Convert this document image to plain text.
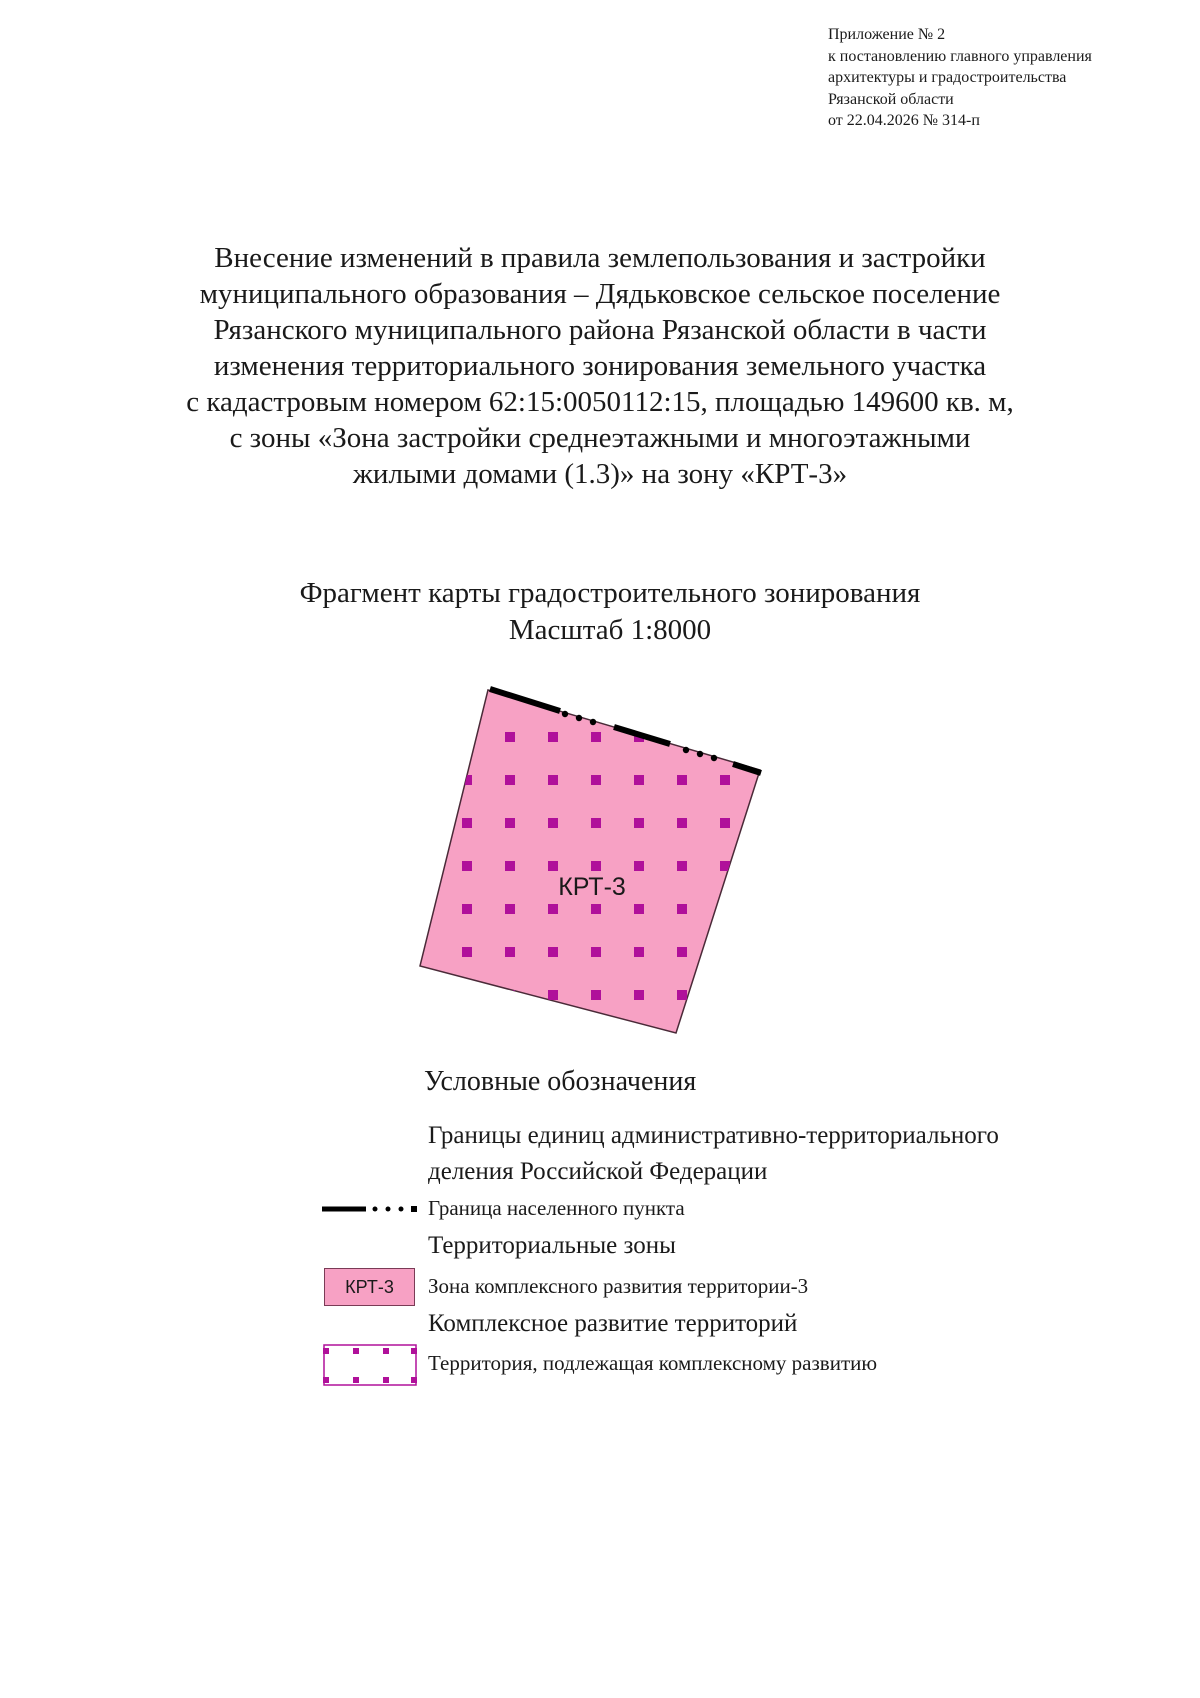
Приложение № 2
к постановлению главного управления
архитектуры и градостроительства
Рязанской области
от 22.04.2026 № 314-п
Внесение изменений в правила землепользования и застройки
муниципального образования – Дядьковское сельское поселение
Рязанского муниципального района Рязанской области в части
изменения территориального зонирования земельного участка
с кадастровым номером 62:15:0050112:15, площадью 149600 кв. м,
с зоны «Зона застройки среднеэтажными и многоэтажными
жилыми домами (1.3)» на зону «КРТ-3»
Фрагмент карты градостроительного зонирования
Масштаб 1:8000
КРТ-3
Условные обозначения
Границы единиц административно-территориального
деления Российской Федерации
Граница населенного пункта
Территориальные зоны
КРТ-3	Зона комплексного развития территории-3
Комплексное развитие территорий
Территория, подлежащая комплексному развитию
